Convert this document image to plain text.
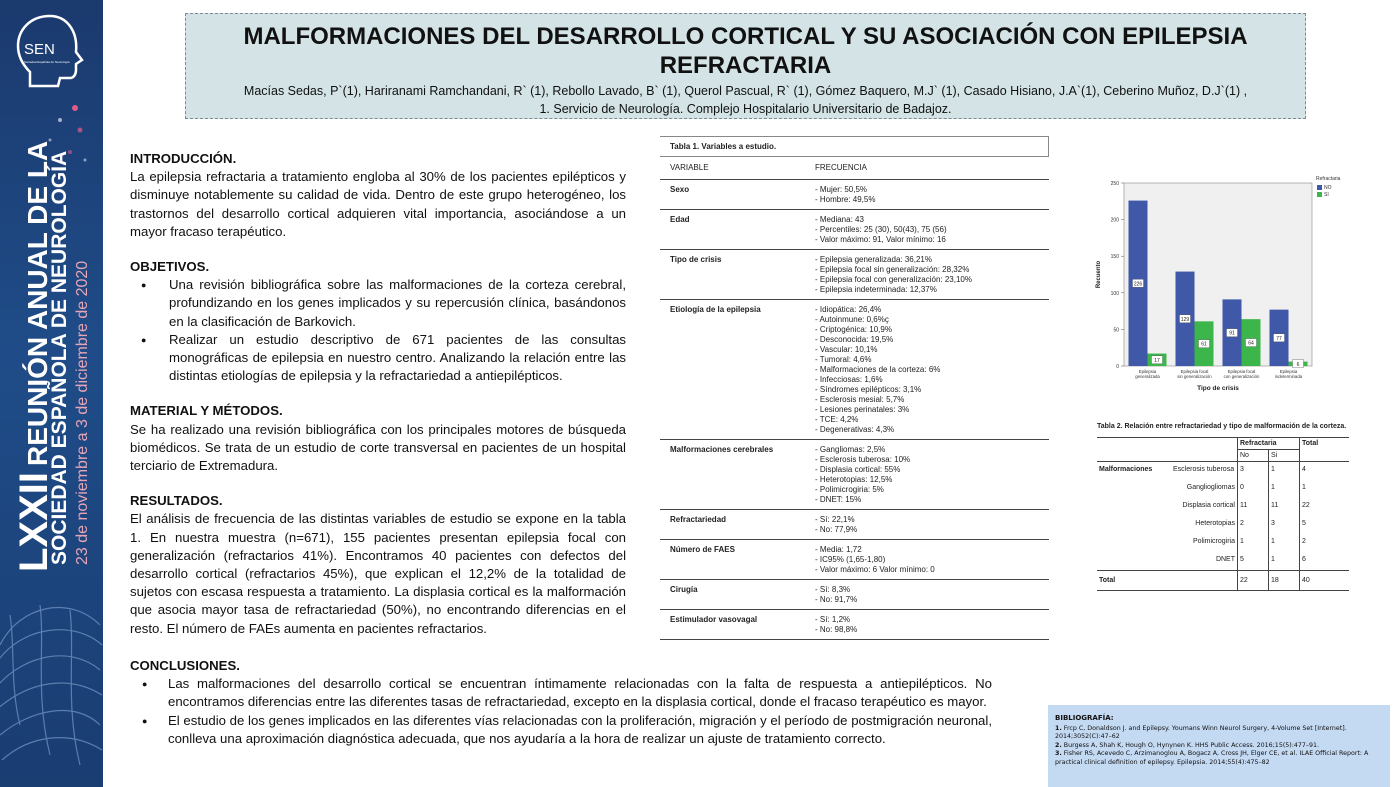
SEN
Sociedad Española de Neurología
LXXIIREUNIÓN ANUAL DE LA
SOCIEDAD ESPAÑOLA DE NEUROLOGÍA 23 de noviembre a 3 de diciembre de 2020
MALFORMACIONES DEL DESARROLLO CORTICAL Y SU ASOCIACIÓN CON EPILEPSIA REFRACTARIA
Macías Sedas, P`(1), Hariranami Ramchandani, R` (1), Rebollo Lavado, B` (1), Querol Pascual, R` (1), Gómez Baquero, M.J` (1), Casado Hisiano, J.A`(1), Ceberino Muñoz, D.J`(1) ,
1. Servicio de Neurología. Complejo Hospitalario Universitario de Badajoz.
INTRODUCCIÓN.

La epilepsia refractaria a tratamiento engloba al 30% de los pacientes epilépticos y disminuye notablemente su calidad de vida. Dentro de este grupo heterogéneo, los trastornos del desarrollo cortical adquieren vital importancia, asociándose a un mayor fracaso terapéutico.

OBJETIVOS.
● Una revisión bibliográfica sobre las malformaciones de la corteza cerebral, profundizando en los genes implicados y su repercusión clínica, basándonos en la clasificación de Barkovich.
● Realizar un estudio descriptivo de 671 pacientes de las consultas monográficas de epilepsia en nuestro centro. Analizando la relación entre las distintas etiologías de epilepsia y la refractariedad a antiepilépticos.
MATERIAL Y MÉTODOS.

Se ha realizado una revisión bibliográfica con los principales motores de búsqueda biomédicos. Se trata de un estudio de corte transversal en pacientes de un hospital terciario de Extremadura.

RESULTADOS.

El análisis de frecuencia de las distintas variables de estudio se expone en la tabla 1. En nuestra muestra (n=671), 155 pacientes presentan epilepsia focal con generalización (refractarios 41%). Encontramos 40 pacientes con defectos del desarrollo cortical (refractarios 45%), que explican el 12,2% de la totalidad de sujetos con escasa respuesta a tratamiento. La displasia cortical es la malformación que asocia mayor tasa de refractariedad (50%), no encontrando diferencias en el resto. El número de FAEs aumenta en pacientes refractarios.

CONCLUSIONES.
● Las malformaciones del desarrollo cortical se encuentran íntimamente relacionadas con la falta de respuesta a antiepilépticos. No encontramos diferencias entre las diferentes tasas de refractariedad, excepto en la displasia cortical, donde el fracaso terapéutico es mayor.
● El estudio de los genes implicados en las diferentes vías relacionadas con la proliferación, migración y el período de postmigración neuronal, conlleva una aproximación diagnóstica adecuada, que nos ayudaría a la hora de realizar un ajuste de tratamiento correcto.
Tabla 1. Variables a estudio.
VARIABLE	FRECUENCIA
Sexo	- Mujer: 50,5%
- Hombre: 49,5%
Edad	- Mediana: 43
- Percentiles: 25 (30), 50(43), 75 (56)
- Valor máximo: 91, Valor mínimo: 16
Tipo de crisis	- Epilepsia generalizada: 36,21%
- Epilepsia focal sin generalización: 28,32%
- Epilepsia focal con generalización: 23,10%
- Epilepsia indeterminada: 12,37%
Etiología de la epilepsia	- Idiopática: 26,4%
- Autoinmune: 0,6%ç
- Criptogénica: 10,9%
- Desconocida: 19,5%
- Vascular: 10,1%
- Tumoral: 4,6%
- Malformaciones de la corteza: 6%
- Infecciosas: 1,6%
- Síndromes epilépticos: 3,1%
- Esclerosis mesial: 5,7%
- Lesiones perinatales: 3%
- TCE: 4,2%
- Degenerativas: 4,3%
Malformaciones cerebrales	- Gangliomas: 2,5%
- Esclerosis tuberosa: 10%
- Displasia cortical: 55%
- Heterotopias: 12,5%
- Polimicrogiria: 5%
- DNET: 15%
Refractariedad	- Sí: 22,1%
- No: 77,9%
Número de FAES	- Media: 1,72
- IC95% (1,65-1,80)
- Valor máximo: 6 Valor mínimo: 0
Cirugía	- Sí: 8,3%
- No: 91,7%
Estimulador vasovagal	- Sí: 1,2%
- No: 98,8%
0
50
100
150
200
250
Recuento	226
17
Epilepsia
generalizada
129
61
Epilepsia focal
sin generalización
91
64
Epilepsia focal
con generalización
77
6
Epilepsia
indeterminada
Tipo de crisis
Refractaria
NO
SI
Tabla 2. Relación entre refractariedad y tipo de malformación de la corteza.
		Refractaria		Total
		No	Si	
Malformaciones	Esclerosis tuberosa	3	1	4
	Gangliogliomas	0	1	1
	Displasia cortical	11	11	22
	Heterotopias	2	3	5
	Polimicrogiria	1	1	2
	DNET	5	1	6
Total		22	18	40
BIBLIOGRAFÍA:
1. Frcp C, Donaldson J. and Epilepsy. Youmans Winn Neurol Surgery, 4-Volume Set [Internet]. 2014;3052(C):47–62
2. Burgess A, Shah K, Hough O, Hynynen K. HHS Public Access. 2016;15(5):477–91.
3. Fisher RS, Acevedo C, Arzimanoglou A, Bogacz A, Cross JH, Elger CE, et al. ILAE Official Report: A practical clinical definition of epilepsy. Epilepsia. 2014;55(4):475–82
